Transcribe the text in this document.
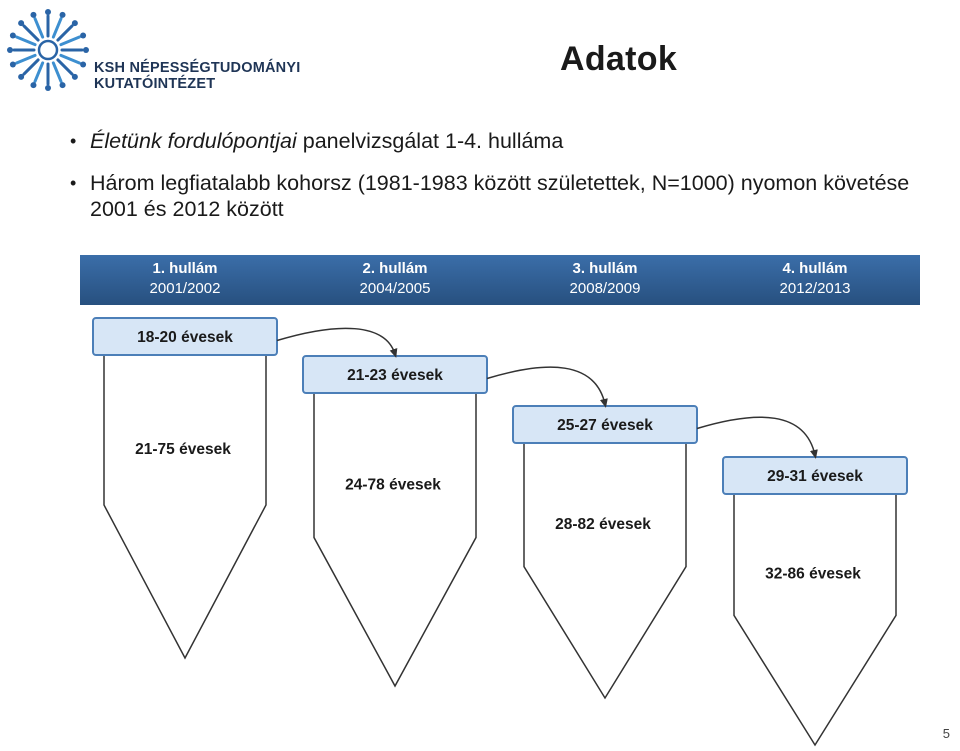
KSH NÉPESSÉGTUDOMÁNYI
KUTATÓINTÉZET
Adatok
• Életünk fordulópontjai panelvizsgálat 1-4. hulláma
• Három legfiatalabb kohorsz (1981-1983 között születettek, N=1000) nyomon követése 2001 és 2012 között
1. hullám
2001/2002
18-20 évesek
21-75 évesek
2. hullám
2004/2005
21-23 évesek
24-78 évesek
3. hullám
2008/2009
25-27 évesek
28-82 évesek
4. hullám
2012/2013
29-31 évesek
32-86 évesek
5
